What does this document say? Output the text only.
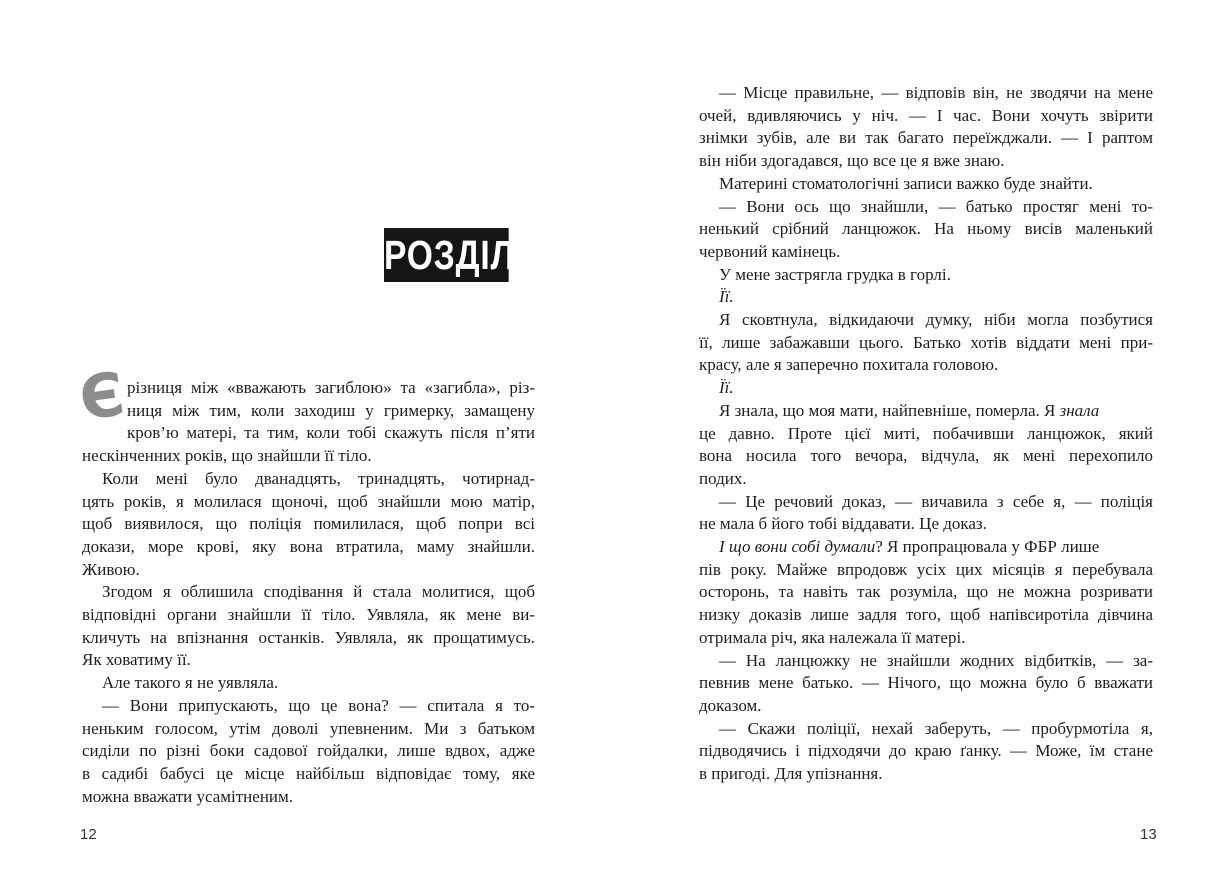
РОЗДІЛ 2
Є
різниця між «вважають загиблою» та «загибла», різ-
ниця між тим, коли заходиш у гримерку, замащену
кров’ю матері, та тим, коли тобі скажуть після п’яти
нескінченних років, що знайшли її тіло.
Коли мені було дванадцять, тринадцять, чотирнад-
цять років, я молилася щоночі, щоб знайшли мою матір,
щоб виявилося, що поліція помилилася, щоб попри всі
докази, море крові, яку вона втратила, маму знайшли.
Живою.
Згодом я облишила сподівання й стала молитися, щоб
відповідні органи знайшли її тіло. Уявляла, як мене ви-
кличуть на впізнання останків. Уявляла, як прощатимусь.
Як ховатиму її.
Але такого я не уявляла.
— Вони припускають, що це вона? — спитала я то-
неньким голосом, утім доволі упевненим. Ми з батьком
сиділи по різні боки садової гойдалки, лише вдвох, адже
в садибі бабусі це місце найбільш відповідає тому, яке
можна вважати усамітненим.
12
— Місце правильне, — відповів він, не зводячи на мене
очей, вдивляючись у ніч. — І час. Вони хочуть звірити
знімки зубів, але ви так багато переїжджали. — І раптом
він ніби здогадався, що все це я вже знаю.
Материні стоматологічні записи важко буде знайти.
— Вони ось що знайшли, — батько простяг мені то-
ненький срібний ланцюжок. На ньому висів маленький
червоний камінець.
У мене застрягла грудка в горлі.
Її.
Я сковтнула, відкидаючи думку, ніби могла позбутися
її, лише забажавши цього. Батько хотів віддати мені при-
красу, але я заперечно похитала головою.
Її.
Я знала, що моя мати, найпевніше, померла. Я знала
це давно. Проте цієї миті, побачивши ланцюжок, який
вона носила того вечора, відчула, як мені перехопило
подих.
— Це речовий доказ, — вичавила з себе я, — поліція
не мала б його тобі віддавати. Це доказ.
І що вони собі думали? Я пропрацювала у ФБР лише
пів року. Майже впродовж усіх цих місяців я перебувала
осторонь, та навіть так розуміла, що не можна розривати
низку доказів лише задля того, щоб напівсиротіла дівчина
отримала річ, яка належала її матері.
— На ланцюжку не знайшли жодних відбитків, — за-
певнив мене батько. — Нічого, що можна було б вважати
доказом.
— Скажи поліції, нехай заберуть, — пробурмотіла я,
підводячись і підходячи до краю ґанку. — Може, їм стане
в пригоді. Для упізнання.
13
